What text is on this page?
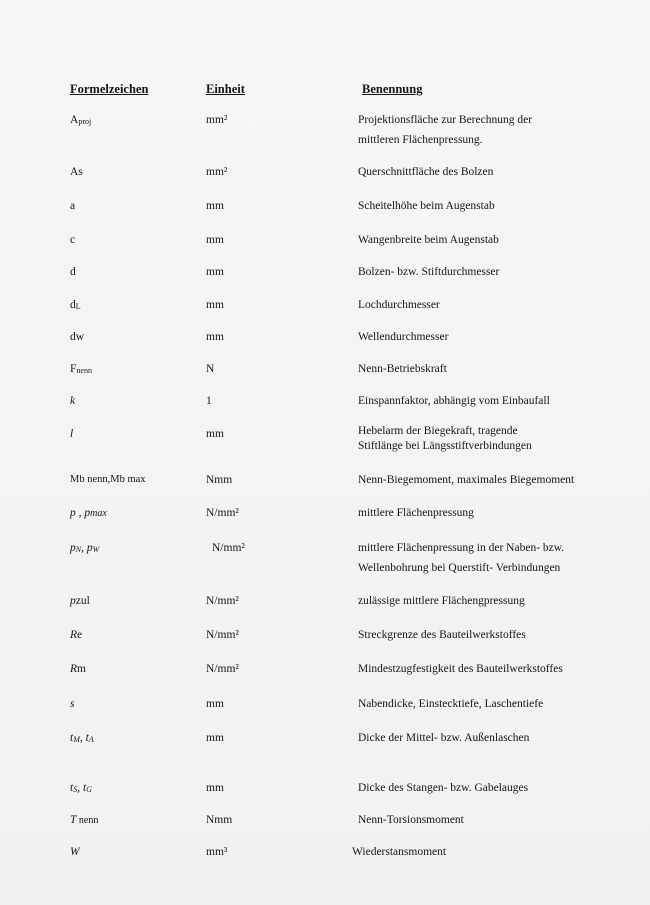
Formelzeichen	Einheit	Benennung
Aproj	mm²	Projektionsfläche zur Berechnung der
mittleren Flächenpressung.
As	mm²	Querschnittfläche des Bolzen
a	mm	Scheitelhöhe beim Augenstab
c	mm	Wangenbreite beim Augenstab
d	mm	Bolzen- bzw. Stiftdurchmesser
dL	mm	Lochdurchmesser
dw	mm	Wellendurchmesser
Fnenn	N	Nenn-Betriebskraft
k	1	Einspannfaktor, abhängig vom Einbaufall
l	mm	Hebelarm der Biegekraft, tragende
Stiftlänge bei Längsstiftverbindungen
Mb nenn,Mb max	Nmm	Nenn-Biegemoment, maximales Biegemoment
p , pmax	N/mm²	mittlere Flächenpressung
pN, pW	N/mm²	mittlere Flächenpressung in der Naben- bzw.
Wellenbohrung bei Querstift- Verbindungen
pzul	N/mm²	zulässige mittlere Flächengpressung
Re	N/mm²	Streckgrenze des Bauteilwerkstoffes
Rm	N/mm²	Mindestzugfestigkeit des Bauteilwerkstoffes
s	mm	Nabendicke, Einstecktiefe, Laschentiefe
tM, tA	mm	Dicke der Mittel- bzw. Außenlaschen
tS, tG	mm	Dicke des Stangen- bzw. Gabelauges
T nenn	Nmm	Nenn-Torsionsmoment
W	mm³	Wiederstansmoment
